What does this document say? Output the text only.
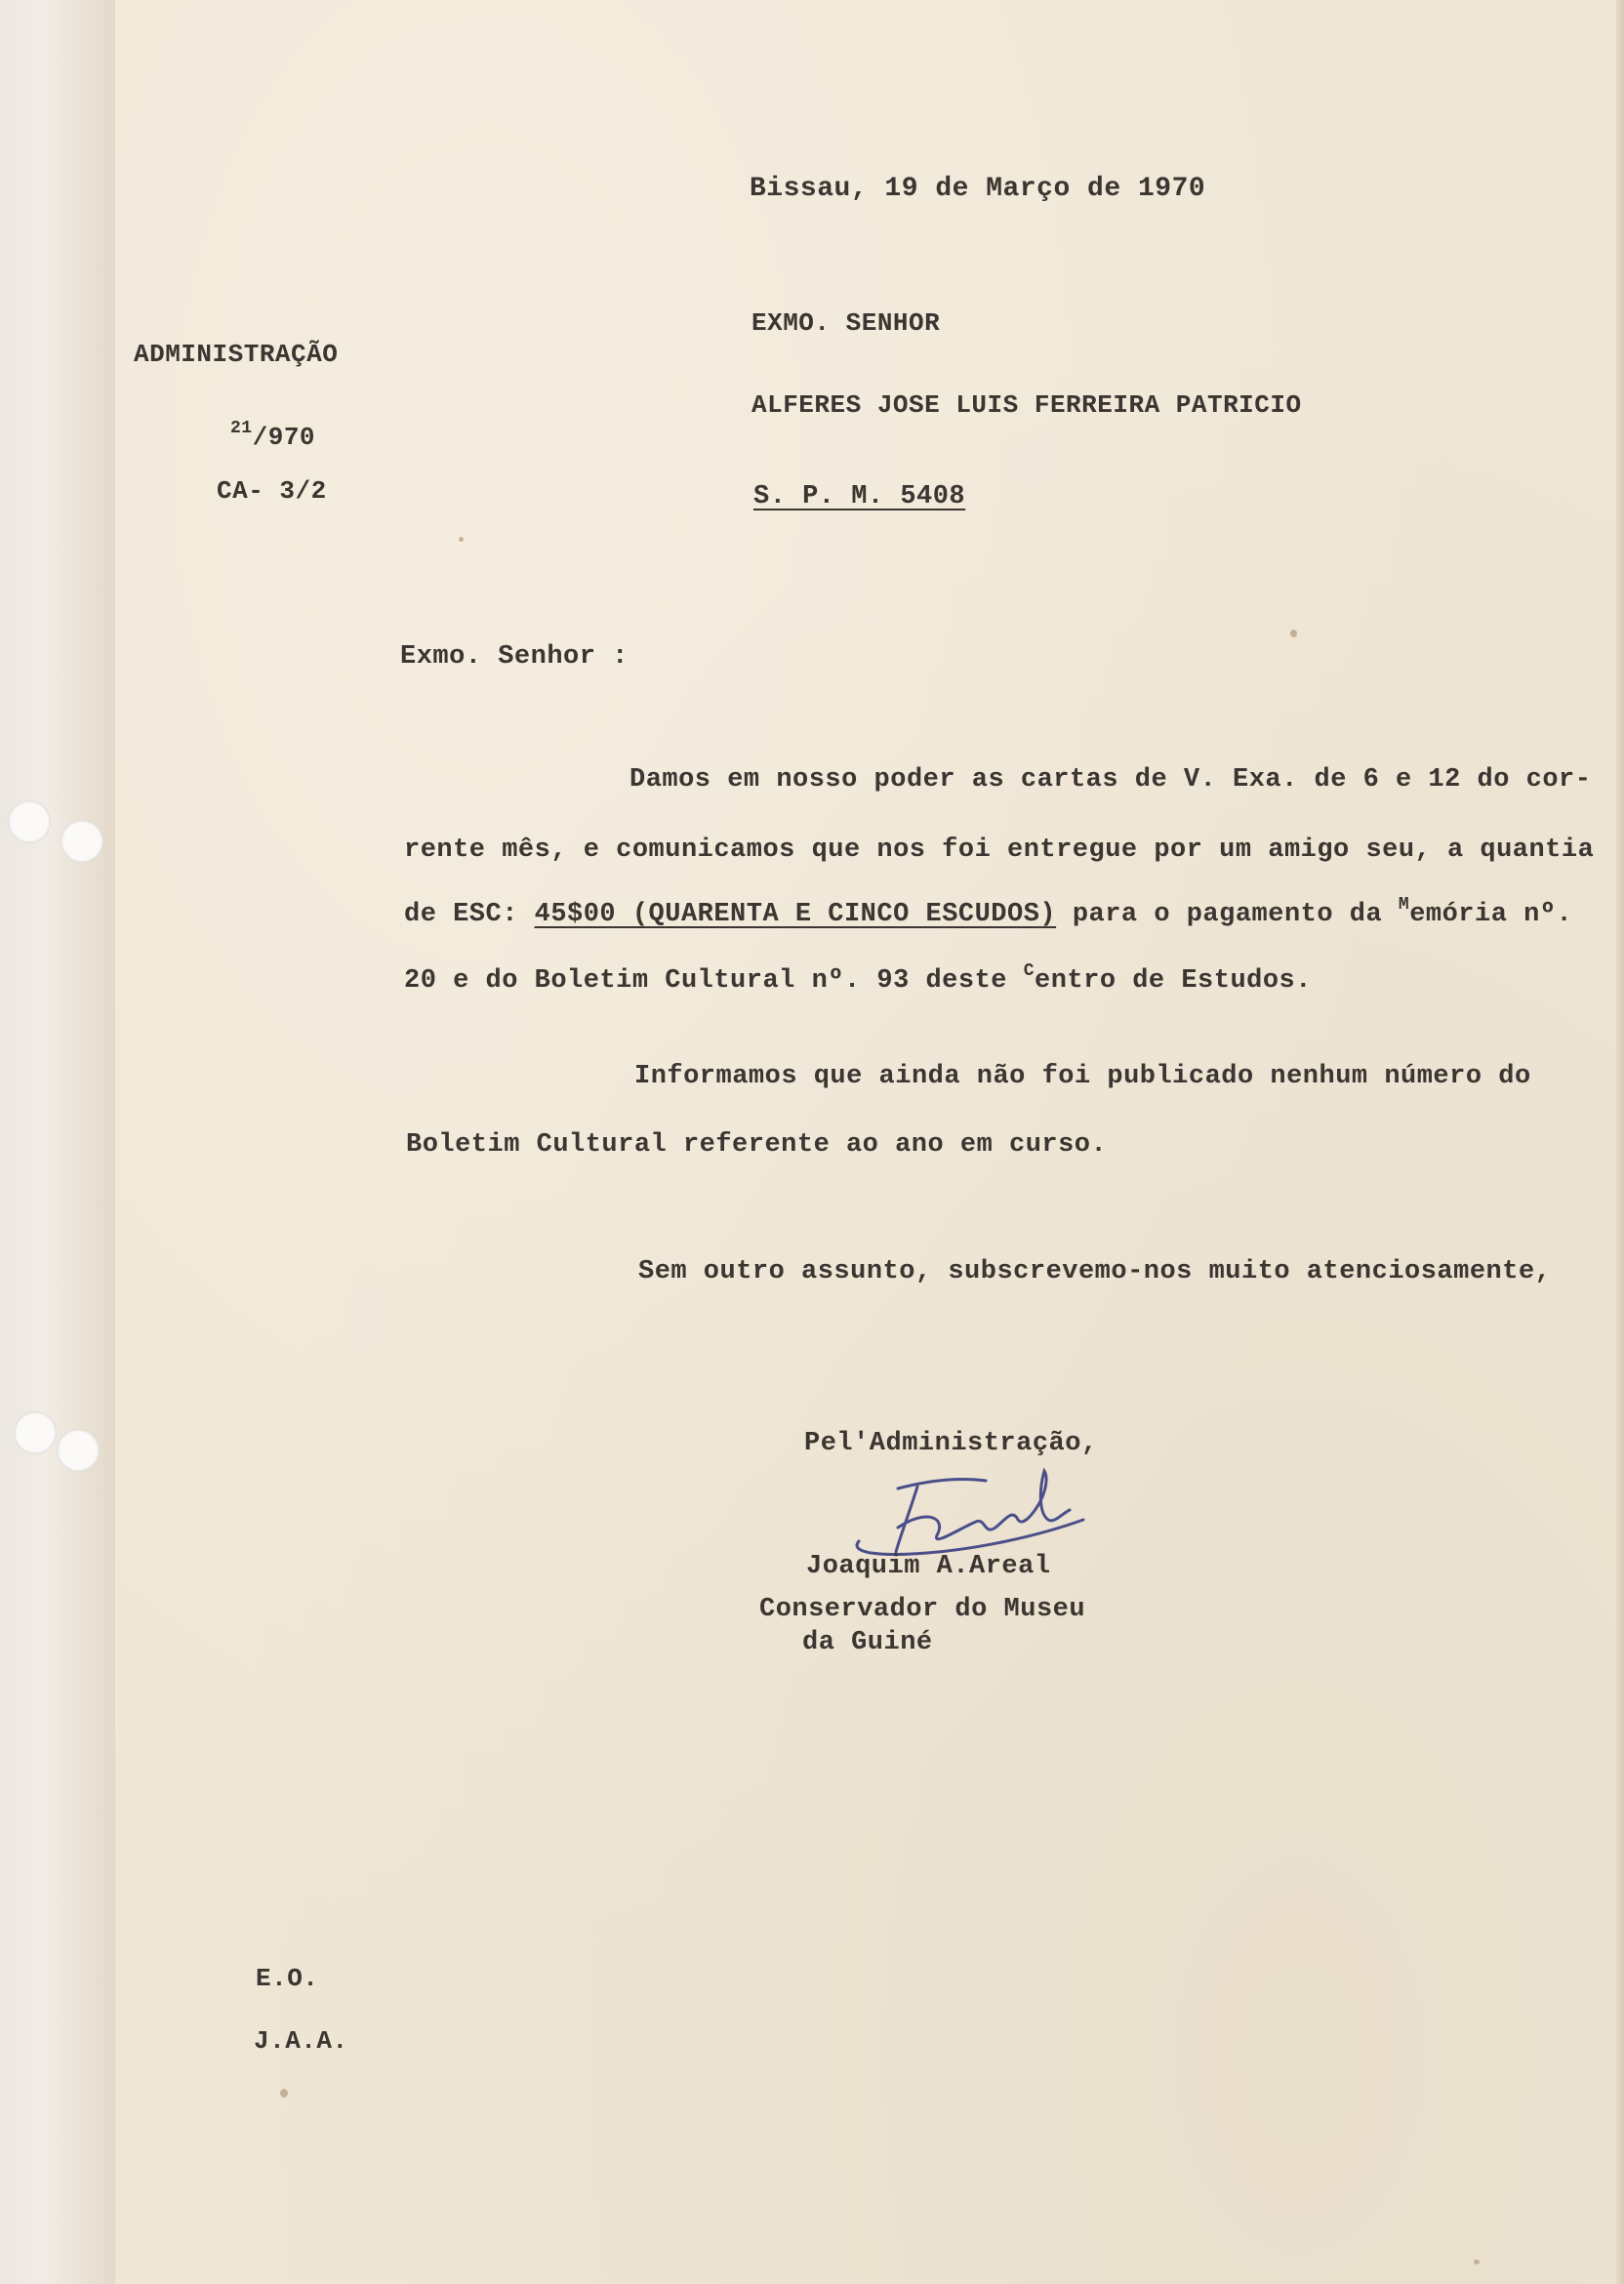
Bissau, 19 de Março de 1970

EXMO. SENHOR

ALFERES JOSE LUIS FERREIRA PATRICIO

S. P. M. 5408

ADMINISTRAÇÃO

$^{21}$/970

CA- 3/2

Exmo. Senhor :

Damos em nosso poder as cartas de V. Exa. de 6 e 12 do cor-

rente mês, e comunicamos que nos foi entregue por um amigo seu, a quantia

de ESC: 45$00 (QUARENTA E CINCO ESCUDOS) para o pagamento da $^M$emória nº.

20 e do Boletim Cultural nº. 93 deste $^C$entro de Estudos.

Informamos que ainda não foi publicado nenhum número do

Boletim Cultural referente ao ano em curso.

Sem outro assunto, subscrevemo-nos muito atenciosamente,

Pel'Administração,

Joaquim A.Areal

Conservador do Museu

da Guiné

E.O.

J.A.A.
